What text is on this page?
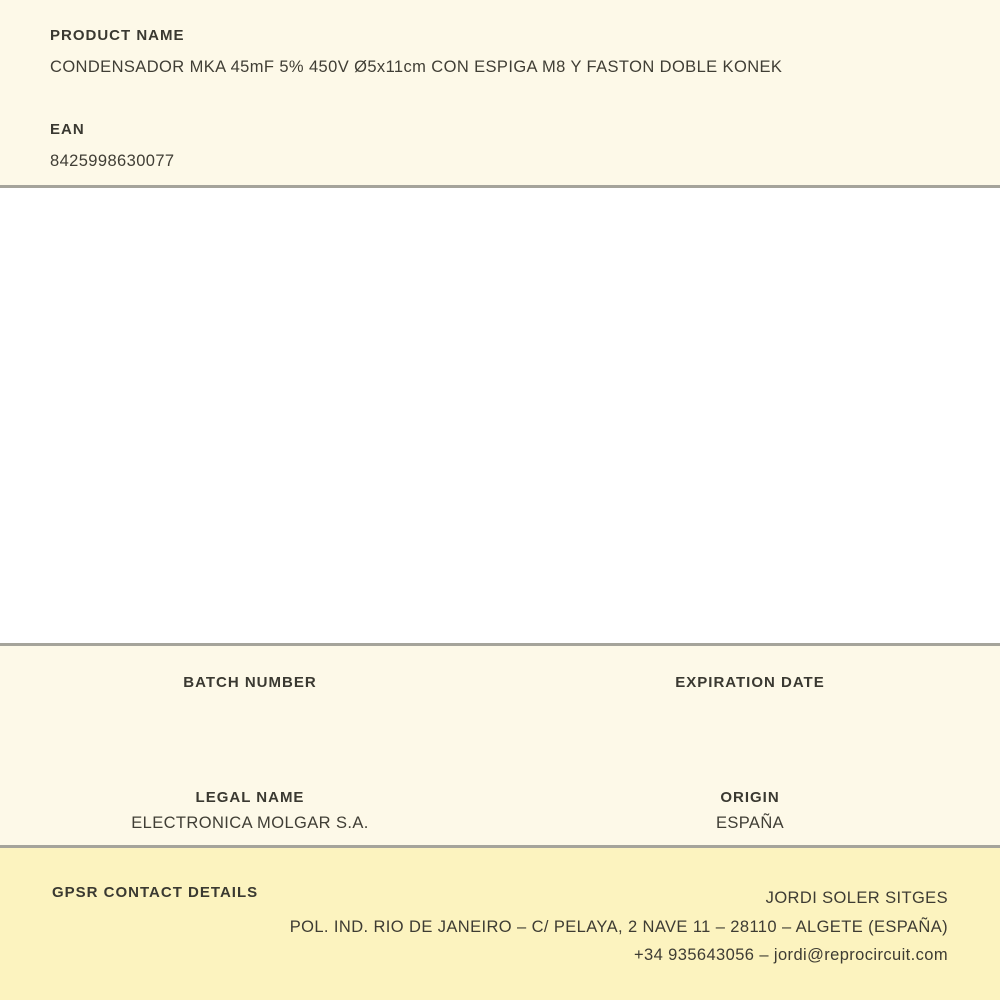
PRODUCT NAME
CONDENSADOR MKA 45mF 5% 450V Ø5x11cm CON ESPIGA M8 Y FASTON DOBLE KONEK
EAN
8425998630077
BATCH NUMBER	EXPIRATION DATE
LEGAL NAME
ELECTRONICA MOLGAR S.A.
ORIGIN
ESPAÑA
GPSR CONTACT DETAILS	JORDI SOLER SITGES
POL. IND. RIO DE JANEIRO – C/ PELAYA, 2 NAVE 11 – 28110 – ALGETE (ESPAÑA)
+34 935643056 – jordi@reprocircuit.com
